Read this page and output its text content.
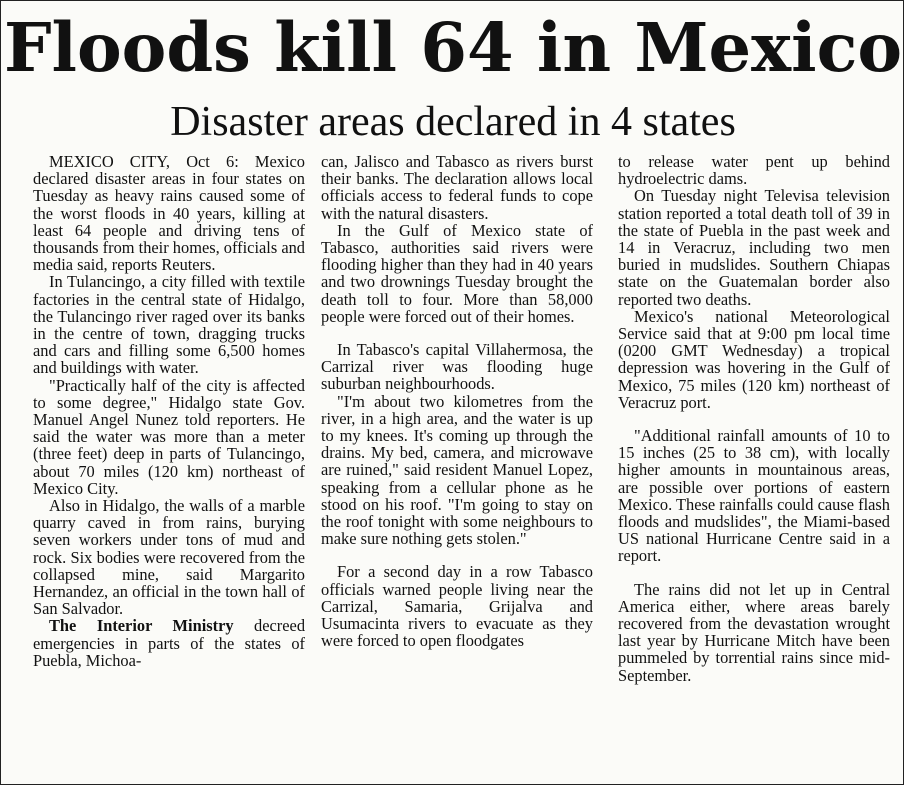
Floods kill 64 in Mexico
Disaster areas declared in 4 states

MEXICO CITY, Oct 6: Mexico declared disaster areas in four states on Tuesday as heavy rains caused some of the worst floods in 40 years, killing at least 64 people and driving tens of thousands from their homes, officials and media said, reports Reuters.

In Tulancingo, a city filled with textile factories in the central state of Hidalgo, the Tulancingo river raged over its banks in the centre of town, dragging trucks and cars and filling some 6,500 homes and buildings with water.

"Practically half of the city is affected to some degree," Hidalgo state Gov. Manuel Angel Nunez told reporters. He said the water was more than a meter (three feet) deep in parts of Tulancingo, about 70 miles (120 km) northeast of Mexico City.

Also in Hidalgo, the walls of a marble quarry caved in from rains, burying seven workers under tons of mud and rock. Six bodies were recovered from the collapsed mine, said Margarito Hernandez, an official in the town hall of San Salvador.

The Interior Ministry decreed emergencies in parts of the states of Puebla, Michoa-

can, Jalisco and Tabasco as rivers burst their banks. The declaration allows local officials access to federal funds to cope with the natural disasters.

In the Gulf of Mexico state of Tabasco, authorities said rivers were flooding higher than they had in 40 years and two drownings Tuesday brought the death toll to four. More than 58,000 people were forced out of their homes.

In Tabasco's capital Villahermosa, the Carrizal river was flooding huge suburban neighbourhoods.

"I'm about two kilometres from the river, in a high area, and the water is up to my knees. It's coming up through the drains. My bed, camera, and microwave are ruined," said resident Manuel Lopez, speaking from a cellular phone as he stood on his roof. "I'm going to stay on the roof tonight with some neighbours to make sure nothing gets stolen."

For a second day in a row Tabasco officials warned people living near the Carrizal, Samaria, Grijalva and Usumacinta rivers to evacuate as they were forced to open floodgates

to release water pent up behind hydroelectric dams.

On Tuesday night Televisa television station reported a total death toll of 39 in the state of Puebla in the past week and 14 in Veracruz, including two men buried in mudslides. Southern Chiapas state on the Guatemalan border also reported two deaths.

Mexico's national Meteorological Service said that at 9:00 pm local time (0200 GMT Wednesday) a tropical depression was hovering in the Gulf of Mexico, 75 miles (120 km) northeast of Veracruz port.

"Additional rainfall amounts of 10 to 15 inches (25 to 38 cm), with locally higher amounts in mountainous areas, are possible over portions of eastern Mexico. These rainfalls could cause flash floods and mudslides", the Miami-based US national Hurricane Centre said in a report.

The rains did not let up in Central America either, where areas barely recovered from the devastation wrought last year by Hurricane Mitch have been pummeled by torrential rains since mid-September.
